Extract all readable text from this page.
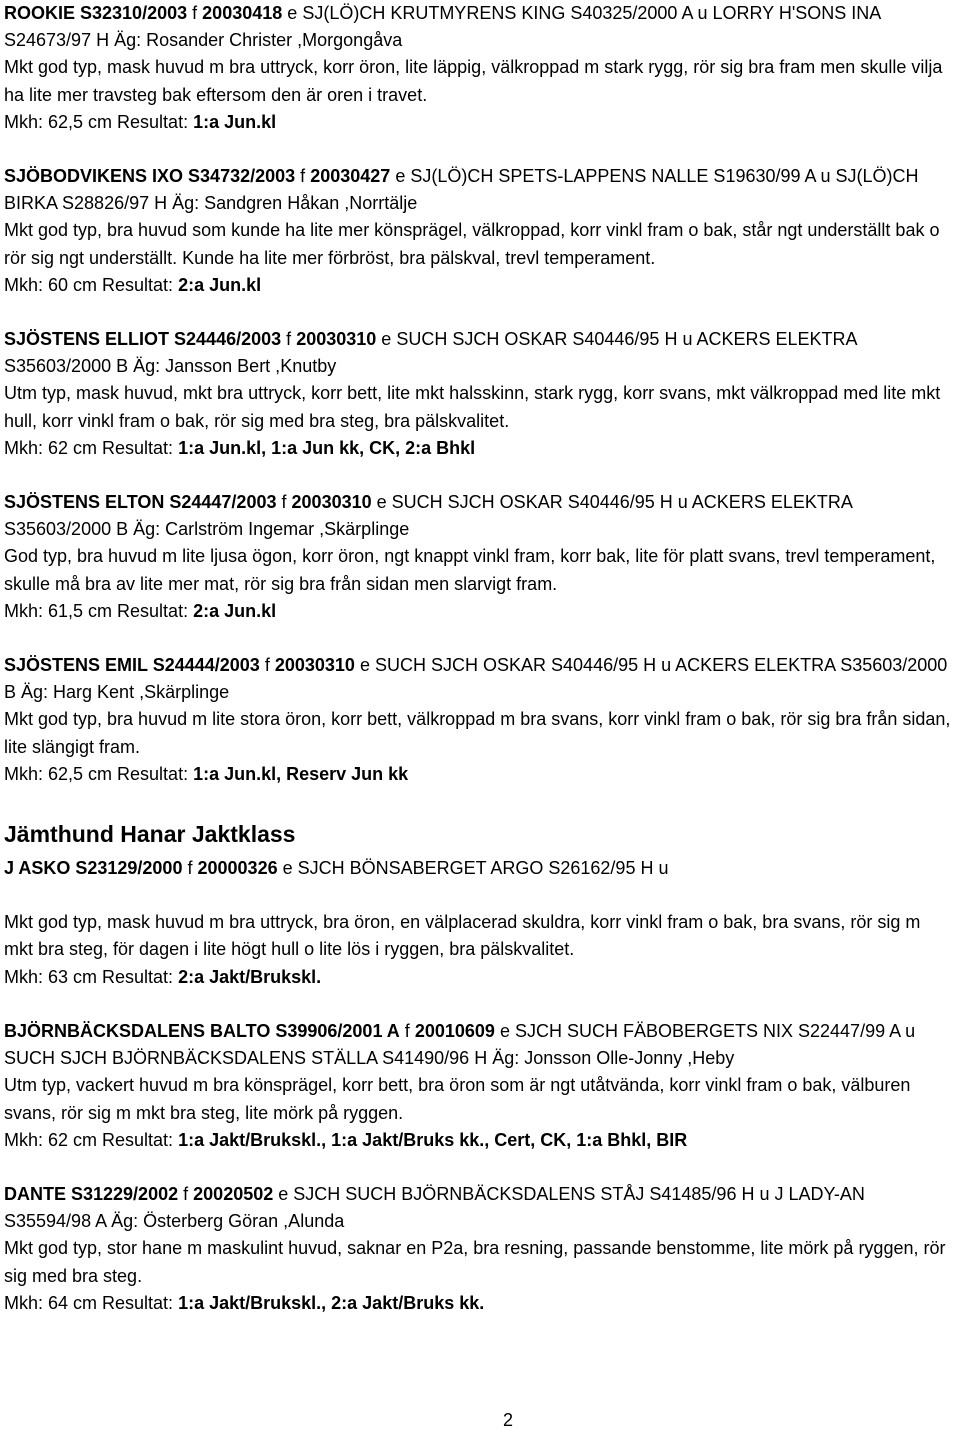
ROOKIE S32310/2003 f 20030418 e SJ(LÖ)CH KRUTMYRENS KING S40325/2000 A u LORRY H'SONS INA S24673/97 H Äg: Rosander Christer ,Morgongåva

Mkt god typ, mask huvud m bra uttryck, korr öron, lite läppig, välkroppad m stark rygg, rör sig bra fram men skulle vilja ha lite mer travsteg bak eftersom den är oren i travet.

Mkh: 62,5 cm Resultat: 1:a Jun.kl

SJÖBODVIKENS IXO S34732/2003 f 20030427 e SJ(LÖ)CH SPETS-LAPPENS NALLE S19630/99 A u SJ(LÖ)CH BIRKA S28826/97 H Äg: Sandgren Håkan ,Norrtälje

Mkt god typ, bra huvud som kunde ha lite mer könsprägel, välkroppad, korr vinkl fram o bak, står ngt underställt bak o rör sig ngt underställt. Kunde ha lite mer förbröst, bra pälskval, trevl temperament.

Mkh: 60 cm Resultat: 2:a Jun.kl

SJÖSTENS ELLIOT S24446/2003 f 20030310 e SUCH SJCH OSKAR S40446/95 H u ACKERS ELEKTRA S35603/2000 B Äg: Jansson Bert ,Knutby

Utm typ, mask huvud, mkt bra uttryck, korr bett, lite mkt halsskinn, stark rygg, korr svans, mkt välkroppad med lite mkt hull, korr vinkl fram o bak, rör sig med bra steg, bra pälskvalitet.

Mkh: 62 cm Resultat: 1:a Jun.kl, 1:a Jun kk, CK, 2:a Bhkl

SJÖSTENS ELTON S24447/2003 f 20030310 e SUCH SJCH OSKAR S40446/95 H u ACKERS ELEKTRA S35603/2000 B Äg: Carlström Ingemar ,Skärplinge

God typ, bra huvud m lite ljusa ögon, korr öron, ngt knappt vinkl fram, korr bak, lite för platt svans, trevl temperament, skulle må bra av lite mer mat, rör sig bra från sidan men slarvigt fram.

Mkh: 61,5 cm Resultat: 2:a Jun.kl

SJÖSTENS EMIL S24444/2003 f 20030310 e SUCH SJCH OSKAR S40446/95 H u ACKERS ELEKTRA S35603/2000 B Äg: Harg Kent ,Skärplinge

Mkt god typ, bra huvud m lite stora öron, korr bett, välkroppad m bra svans, korr vinkl fram o bak, rör sig bra från sidan, lite slängigt fram.

Mkh: 62,5 cm Resultat: 1:a Jun.kl, Reserv Jun kk

Jämthund Hanar Jaktklass

J ASKO S23129/2000 f 20000326 e SJCH BÖNSABERGET ARGO S26162/95 H u

Mkt god typ, mask huvud m bra uttryck, bra öron, en välplacerad skuldra, korr vinkl fram o bak, bra svans, rör sig m mkt bra steg, för dagen i lite högt hull o lite lös i ryggen, bra pälskvalitet.

Mkh: 63 cm Resultat: 2:a Jakt/Brukskl.

BJÖRNBÄCKSDALENS BALTO S39906/2001 A f 20010609 e SJCH SUCH FÄBOBERGETS NIX S22447/99 A u SUCH SJCH BJÖRNBÄCKSDALENS STÄLLA S41490/96 H Äg: Jonsson Olle-Jonny ,Heby

Utm typ, vackert huvud m bra könsprägel, korr bett, bra öron som är ngt utåtvända, korr vinkl fram o bak, välburen svans, rör sig m mkt bra steg, lite mörk på ryggen.

Mkh: 62 cm Resultat: 1:a Jakt/Brukskl., 1:a Jakt/Bruks kk., Cert, CK, 1:a Bhkl, BIR

DANTE S31229/2002 f 20020502 e SJCH SUCH BJÖRNBÄCKSDALENS STÅJ S41485/96 H u J LADY-AN S35594/98 A Äg: Österberg Göran ,Alunda

Mkt god typ, stor hane m maskulint huvud, saknar en P2a, bra resning, passande benstomme, lite mörk på ryggen, rör sig med bra steg.

Mkh: 64 cm Resultat: 1:a Jakt/Brukskl., 2:a Jakt/Bruks kk.

2
